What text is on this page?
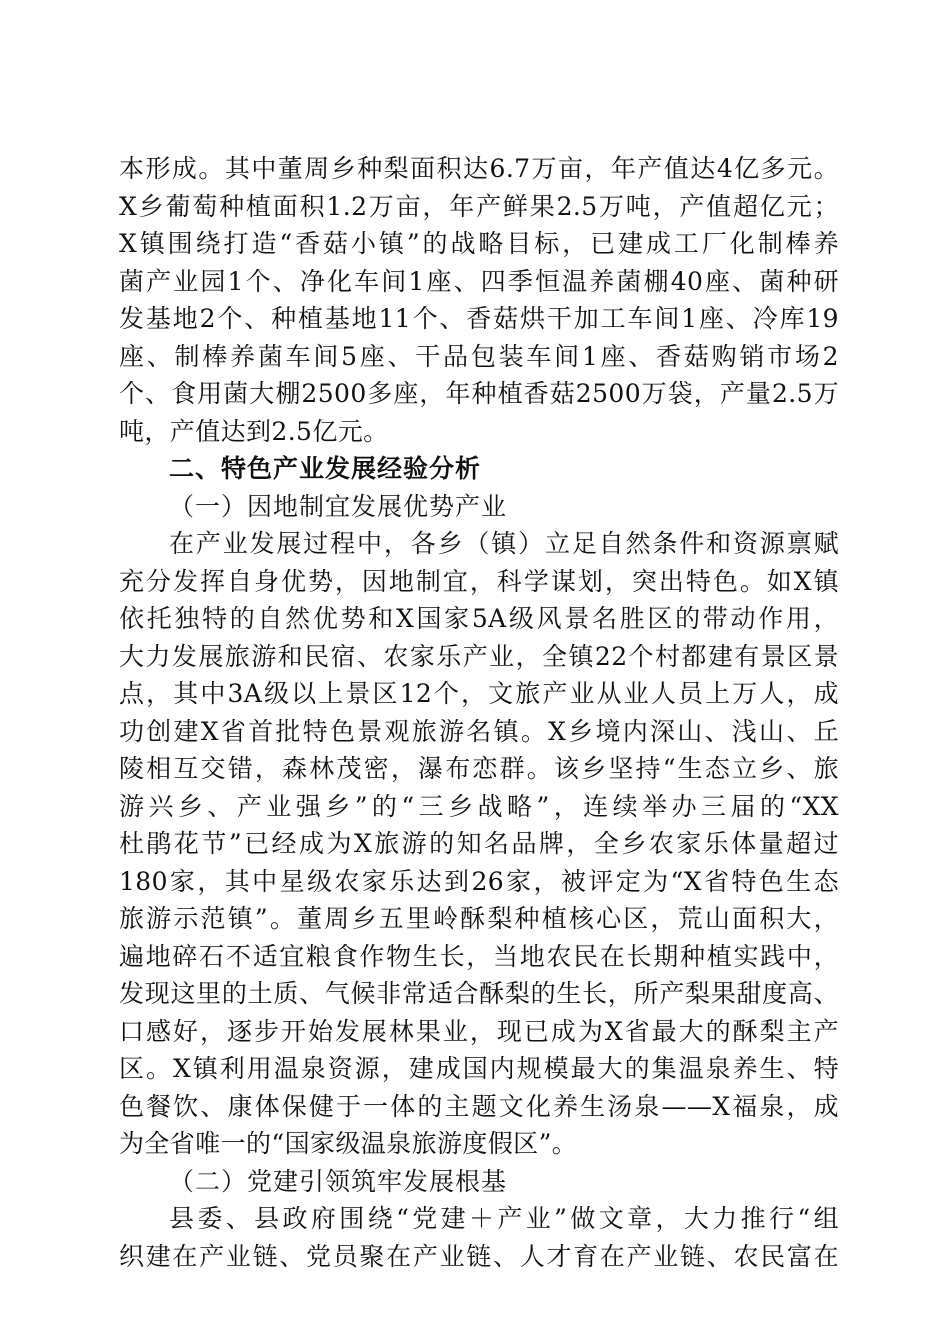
本形成。其中董周乡种梨面积达6.7万亩，年产值达4亿多元。
X乡葡萄种植面积1.2万亩，年产鲜果2.5万吨，产值超亿元；
X镇围绕打造“香菇小镇”的战略目标，已建成工厂化制棒养
菌产业园1个、净化车间1座、四季恒温养菌棚40座、菌种研
发基地2个、种植基地11个、香菇烘干加工车间1座、冷库19
座、制棒养菌车间5座、干品包装车间1座、香菇购销市场2
个、食用菌大棚2500多座，年种植香菇2500万袋，产量2.5万
吨，产值达到2.5亿元。
二、特色产业发展经验分析
（一）因地制宜发展优势产业
在产业发展过程中，各乡（镇）立足自然条件和资源禀赋
充分发挥自身优势，因地制宜，科学谋划，突出特色。如X镇
依托独特的自然优势和X国家5A级风景名胜区的带动作用，
大力发展旅游和民宿、农家乐产业，全镇22个村都建有景区景
点，其中3A级以上景区12个，文旅产业从业人员上万人，成
功创建X省首批特色景观旅游名镇。X乡境内深山、浅山、丘
陵相互交错，森林茂密，瀑布恋群。该乡坚持“生态立乡、旅
游兴乡、产业强乡”的“三乡战略”，连续举办三届的“XX
杜鹃花节”已经成为X旅游的知名品牌，全乡农家乐体量超过
180家，其中星级农家乐达到26家，被评定为“X省特色生态
旅游示范镇”。董周乡五里岭酥梨种植核心区，荒山面积大，
遍地碎石不适宜粮食作物生长，当地农民在长期种植实践中，
发现这里的土质、气候非常适合酥梨的生长，所产梨果甜度高、
口感好，逐步开始发展林果业，现已成为X省最大的酥梨主产
区。X镇利用温泉资源，建成国内规模最大的集温泉养生、特
色餐饮、康体保健于一体的主题文化养生汤泉——X福泉，成
为全省唯一的“国家级温泉旅游度假区”。
（二）党建引领筑牢发展根基
县委、县政府围绕“党建＋产业”做文章，大力推行“组
织建在产业链、党员聚在产业链、人才育在产业链、农民富在
